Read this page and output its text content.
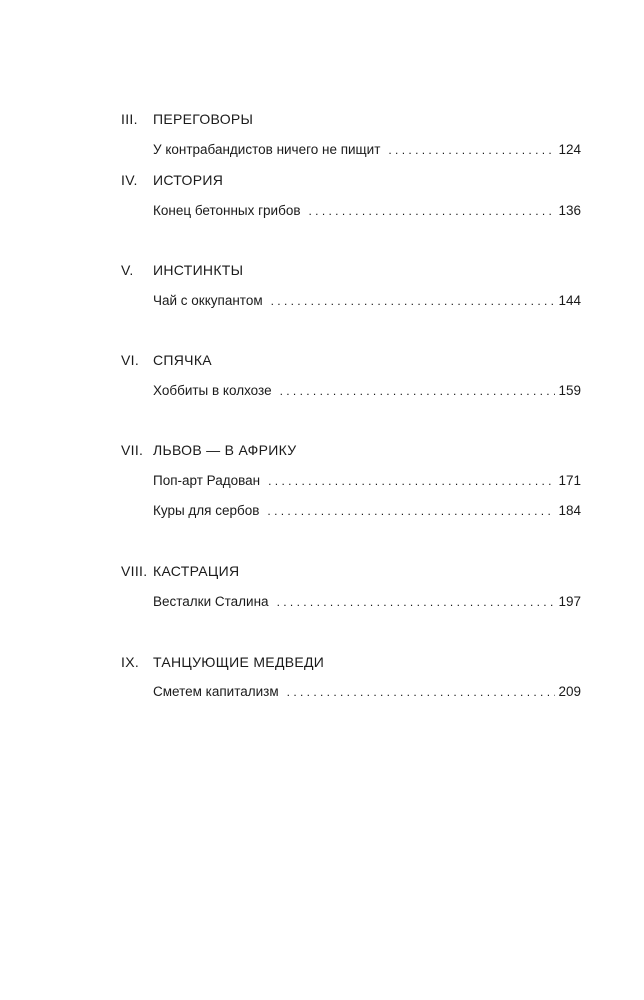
III. ПЕРЕГОВОРЫ
У контрабандистов ничего не пищит . . .	124
IV. ИСТОРИЯ
Конец бетонных грибов . . .	136
V. ИНСТИНКТЫ
Чай с оккупантом . . .	144
VI. СПЯЧКА
Хоббиты в колхозе . . .	159
VII. ЛЬВОВ — В АФРИКУ
Поп-арт Радован . . .	171
Куры для сербов . . .	184
VIII. КАСТРАЦИЯ
Весталки Сталина . . .	197
IX. ТАНЦУЮЩИЕ МЕДВЕДИ
Сметем капитализм . . .	209
